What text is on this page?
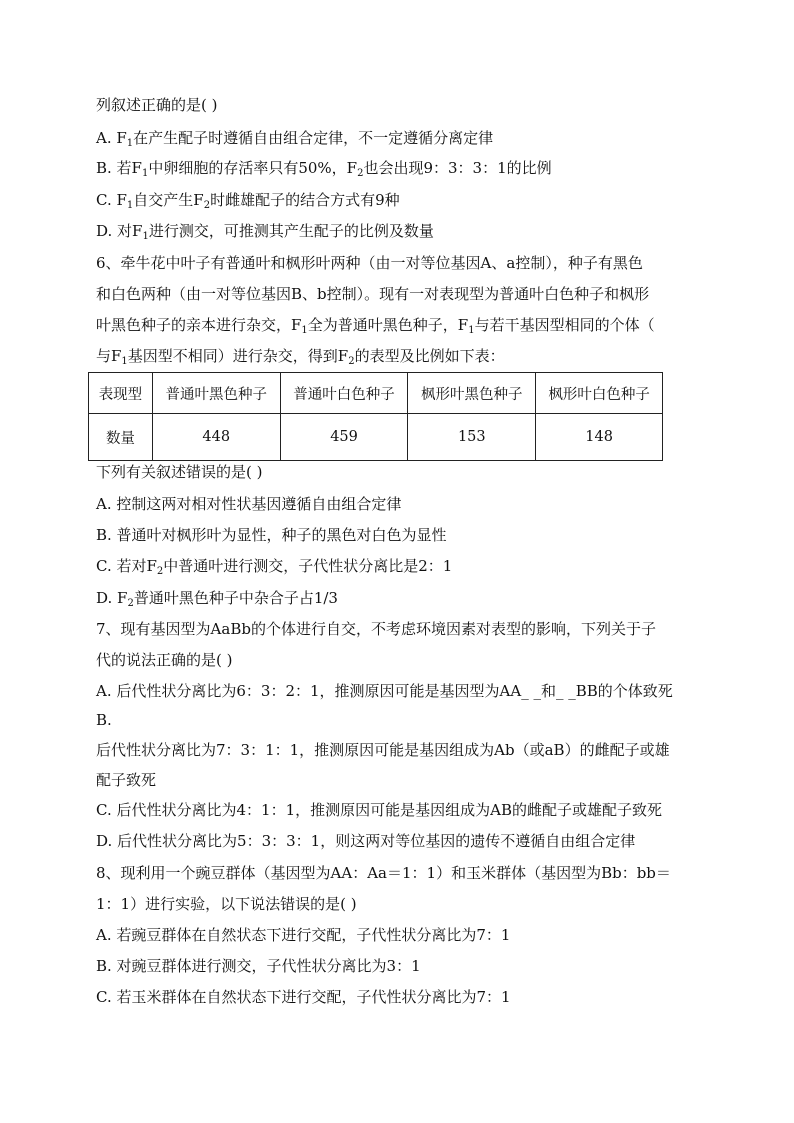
列叙述正确的是( )
A. $F_1$在产生配子时遵循自由组合定律，不一定遵循分离定律
B. 若$F_1$中卵细胞的存活率只有50%，$F_2$也会出现9：3：3：1的比例
C. $F_1$自交产生$F_2$时雌雄配子的结合方式有9种
D. 对$F_1$进行测交，可推测其产生配子的比例及数量
6、牵牛花中叶子有普通叶和枫形叶两种（由一对等位基因A、a控制），种子有黑色
和白色两种（由一对等位基因B、b控制）。现有一对表现型为普通叶白色种子和枫形
叶黑色种子的亲本进行杂交，$F_1$全为普通叶黑色种子，$F_1$与若干基因型相同的个体（
与$F_1$基因型不相同）进行杂交，得到$F_2$的表型及比例如下表：
表现型	普通叶黑色种子	普通叶白色种子	枫形叶黑色种子	枫形叶白色种子
数量	448	459	153	148
下列有关叙述错误的是( )
A. 控制这两对相对性状基因遵循自由组合定律
B. 普通叶对枫形叶为显性，种子的黑色对白色为显性
C. 若对$F_2$中普通叶进行测交，子代性状分离比是2：1
D. $F_2$普通叶黑色种子中杂合子占1/3
7、现有基因型为AaBb的个体进行自交，不考虑环境因素对表型的影响，下列关于子
代的说法正确的是( )
A. 后代性状分离比为6：3：2：1，推测原因可能是基因型为AA_ _和_ _BB的个体致死
B.
后代性状分离比为7：3：1：1，推测原因可能是基因组成为Ab（或aB）的雌配子或雄
配子致死
C. 后代性状分离比为4：1：1，推测原因可能是基因组成为AB的雌配子或雄配子致死
D. 后代性状分离比为5：3：3：1，则这两对等位基因的遗传不遵循自由组合定律
8、现利用一个豌豆群体（基因型为AA：Aa＝1：1）和玉米群体（基因型为Bb：bb＝
1：1）进行实验，以下说法错误的是( )
A. 若豌豆群体在自然状态下进行交配，子代性状分离比为7：1
B. 对豌豆群体进行测交，子代性状分离比为3：1
C. 若玉米群体在自然状态下进行交配，子代性状分离比为7：1
